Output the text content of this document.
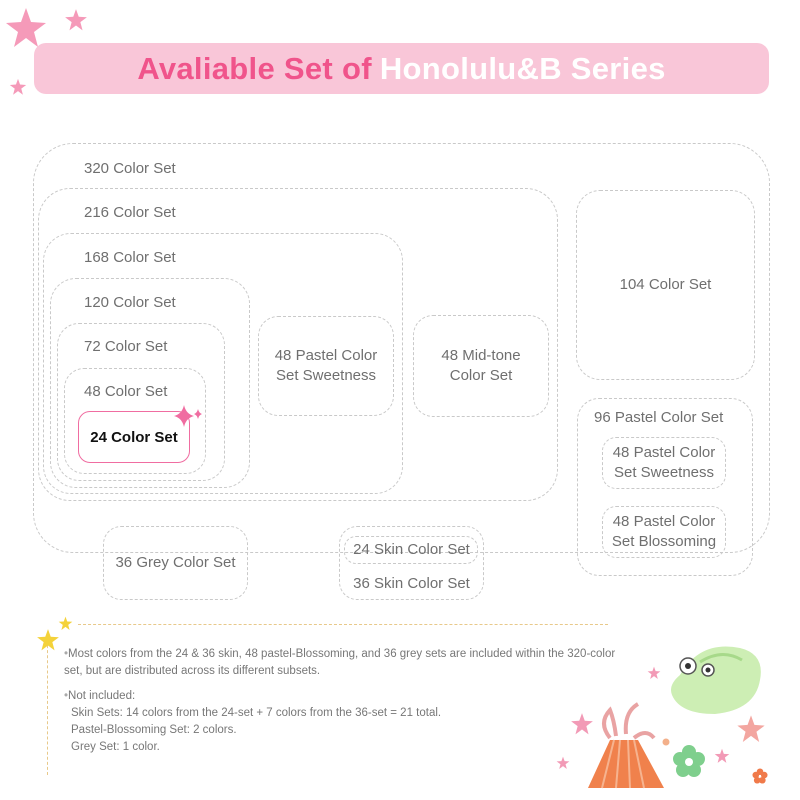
Avaliable Set of Honolulu&B Series
320 Color Set
216 Color Set
168 Color Set
120 Color Set
72 Color Set
48 Color Set
24 Color Set
48 Pastel Color Set Sweetness
48 Mid-tone Color Set
104 Color Set
96 Pastel Color Set
48 Pastel Color Set Sweetness
48 Pastel Color Set Blossoming
36 Grey Color Set
24 Skin Color Set
36 Skin Color Set

•Most colors from the 24 & 36 skin, 48 pastel-Blossoming, and 36 grey sets are included within the 320-color set, but are distributed across its different subsets.

•Not included:

Skin Sets: 14 colors from the 24-set + 7 colors from the 36-set = 21 total.

Pastel-Blossoming Set: 2 colors.

Grey Set: 1 color.
